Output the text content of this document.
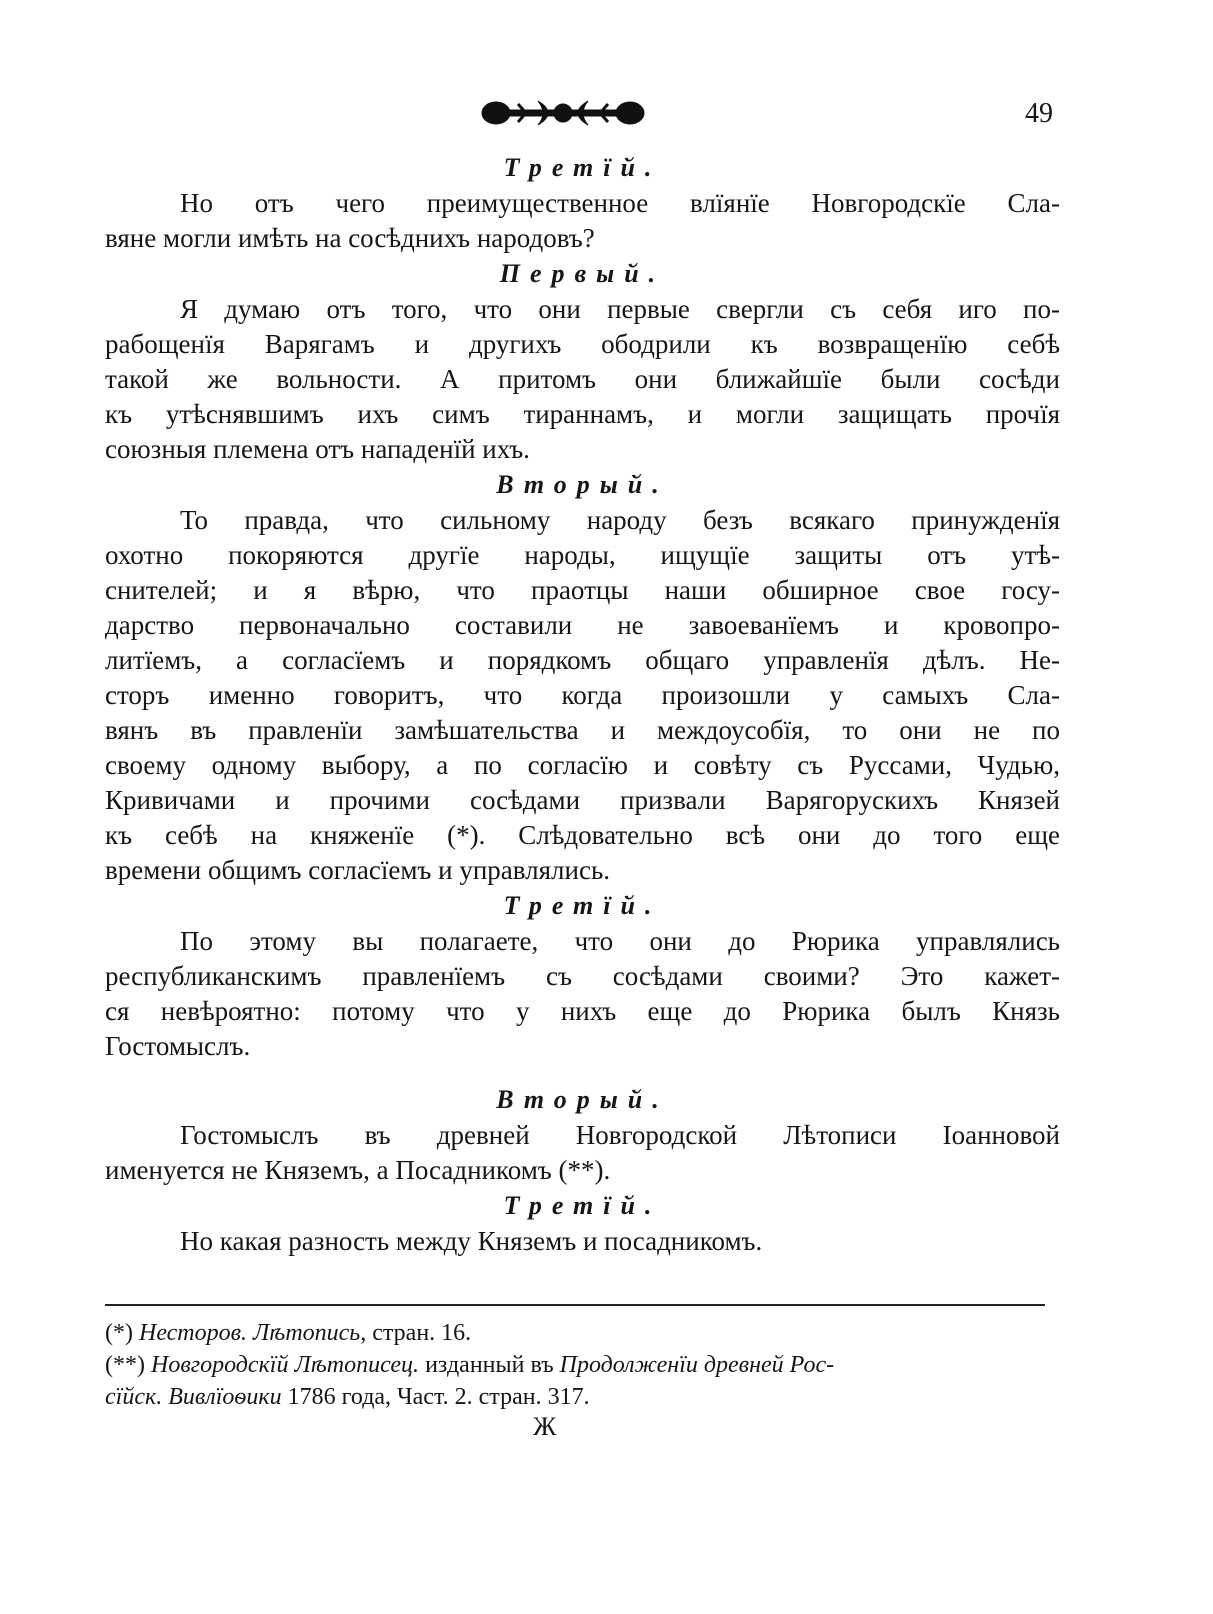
49
Третїй.
Но отъ чего преимущественное влїянїе Новгородскїе Сла-
вяне могли имѣть на сосѣднихъ народовъ?
Первый.
Я думаю отъ того, что они первые свергли съ себя иго по-
рабощенїя Варягамъ и другихъ ободрили къ возвращенїю себѣ
такой же вольности. А притомъ они ближайшїе были сосѣди
къ утѣснявшимъ ихъ симъ тираннамъ, и могли защищать прочїя
союзныя племена отъ нападенїй ихъ.
Вторый.
То правда, что сильному народу безъ всякаго принужденїя
охотно покоряются другїе народы, ищущїе защиты отъ утѣ-
снителей; и я вѣрю, что праотцы наши обширное свое госу-
дарство первоначально составили не завоеванїемъ и кровопро-
литїемъ, а согласїемъ и порядкомъ общаго управленїя дѣлъ. Не-
сторъ именно говоритъ, что когда произошли у самыхъ Сла-
вянъ въ правленїи замѣшательства и междоусобїя, то они не по
своему одному выбору, а по согласїю и совѣту съ Руссами, Чудью,
Кривичами и прочими сосѣдами призвали Варягорускихъ Князей
къ себѣ на княженїе (*). Слѣдовательно всѣ они до того еще
времени общимъ согласїемъ и управлялись.
Третїй.
По этому вы полагаете, что они до Рюрика управлялись
республиканскимъ правленїемъ съ сосѣдами своими? Это кажет-
ся невѣроятно: потому что у нихъ еще до Рюрика былъ Князь
Гостомыслъ.
Вторый.
Гостомыслъ въ древней Новгородской Лѣтописи Iоанновой
именуется не Княземъ, а Посадникомъ (**).
Третїй.
Но какая разность между Княземъ и посадникомъ.
(*) Несторов. Лѣтопись, стран. 16.
(**) Новгородскїй Лѣтописец. изданный въ Продолженїи древней Рос-
сїйск. Вивлїоѳики 1786 года, Част. 2. стран. 317.
Ж
